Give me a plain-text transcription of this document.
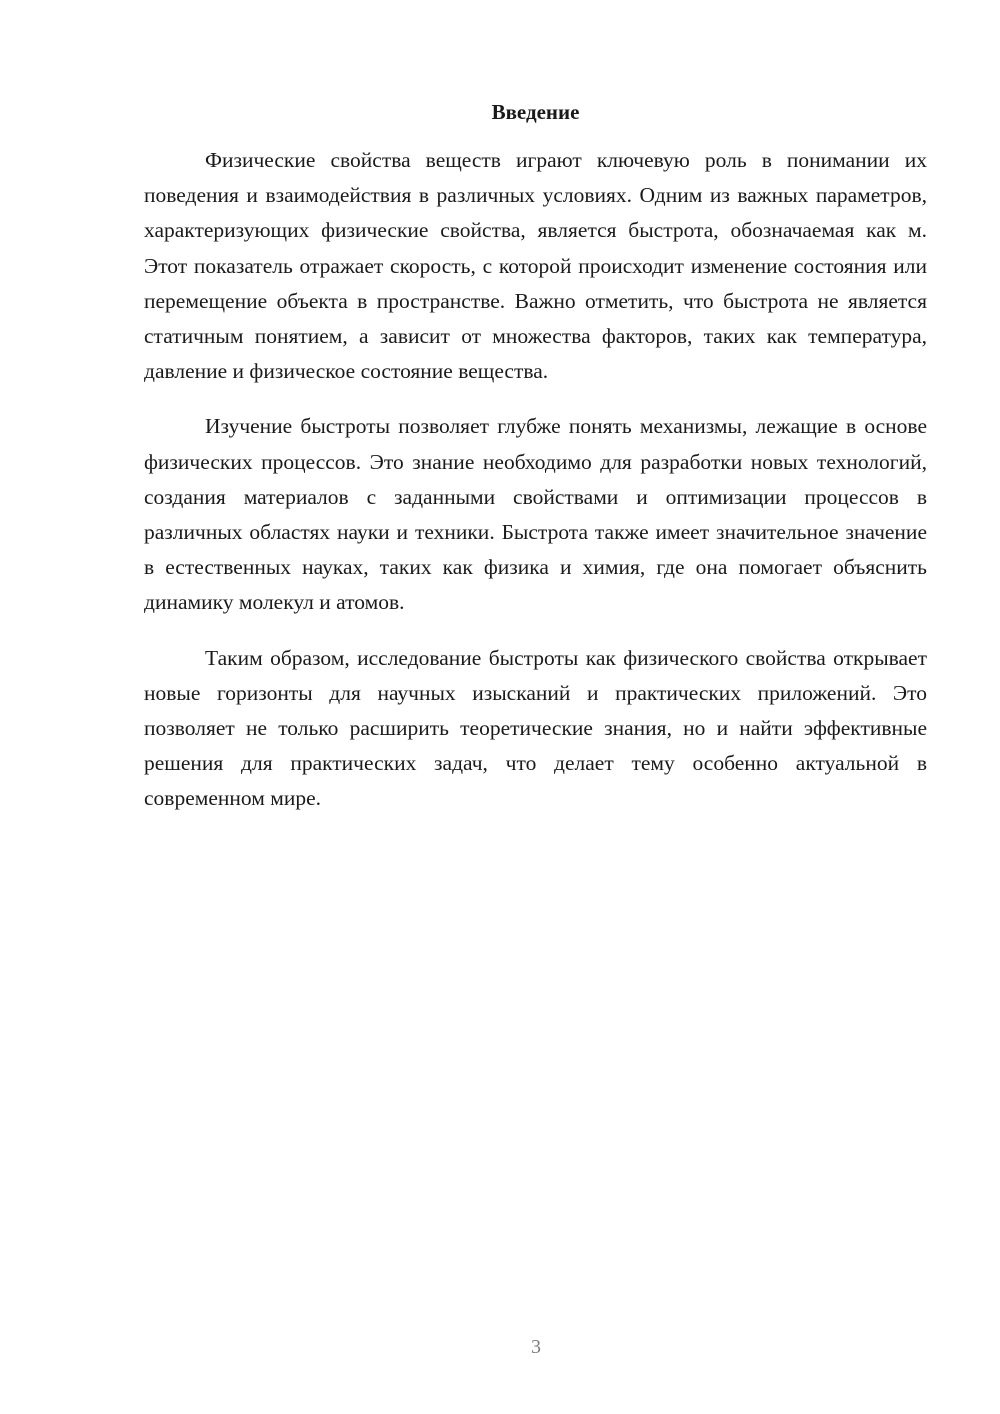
Введение

Физические свойства веществ играют ключевую роль в понимании их поведения и взаимодействия в различных условиях. Одним из важных параметров, характеризующих физические свойства, является быстрота, обозначаемая как м. Этот показатель отражает скорость, с которой происходит изменение состояния или перемещение объекта в пространстве. Важно отметить, что быстрота не является статичным понятием, а зависит от множества факторов, таких как температура, давление и физическое состояние вещества.

Изучение быстроты позволяет глубже понять механизмы, лежащие в основе физических процессов. Это знание необходимо для разработки новых технологий, создания материалов с заданными свойствами и оптимизации процессов в различных областях науки и техники. Быстрота также имеет значительное значение в естественных науках, таких как физика и химия, где она помогает объяснить динамику молекул и атомов.

Таким образом, исследование быстроты как физического свойства открывает новые горизонты для научных изысканий и практических приложений. Это позволяет не только расширить теоретические знания, но и найти эффективные решения для практических задач, что делает тему особенно актуальной в современном мире.

3
